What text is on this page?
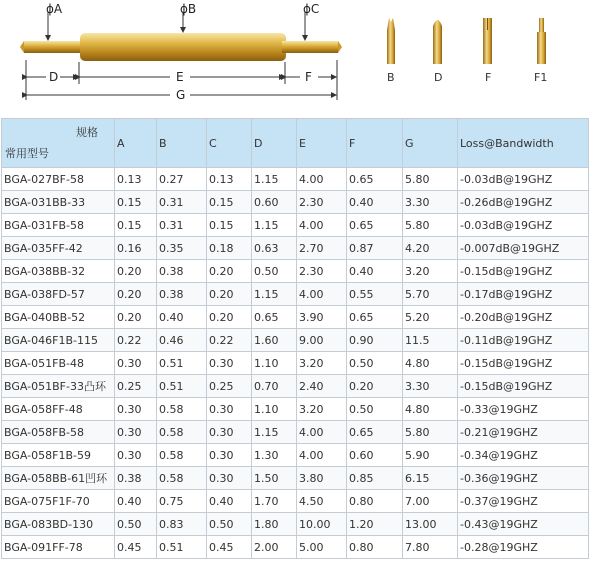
ϕA	ϕB	ϕC
D	E	F
G
B	D	F	F1
规格
常用型号	A	B	C	D	E	F	G	Loss@Bandwidth
BGA-027BF-58	0.13	0.27	0.13	1.15	4.00	0.65	5.80	-0.03dB@19GHZ
BGA-031BB-33	0.15	0.31	0.15	0.60	2.30	0.40	3.30	-0.26dB@19GHZ
BGA-031FB-58	0.15	0.31	0.15	1.15	4.00	0.65	5.80	-0.03dB@19GHZ
BGA-035FF-42	0.16	0.35	0.18	0.63	2.70	0.87	4.20	-0.007dB@19GHZ
BGA-038BB-32	0.20	0.38	0.20	0.50	2.30	0.40	3.20	-0.15dB@19GHZ
BGA-038FD-57	0.20	0.38	0.20	1.15	4.00	0.55	5.70	-0.17dB@19GHZ
BGA-040BB-52	0.20	0.40	0.20	0.65	3.90	0.65	5.20	-0.20dB@19GHZ
BGA-046F1B-115	0.22	0.46	0.22	1.60	9.00	0.90	11.5	-0.11dB@19GHZ
BGA-051FB-48	0.30	0.51	0.30	1.10	3.20	0.50	4.80	-0.15dB@19GHZ
BGA-051BF-33凸环	0.25	0.51	0.25	0.70	2.40	0.20	3.30	-0.15dB@19GHZ
BGA-058FF-48	0.30	0.58	0.30	1.10	3.20	0.50	4.80	-0.33@19GHZ
BGA-058FB-58	0.30	0.58	0.30	1.15	4.00	0.65	5.80	-0.21@19GHZ
BGA-058F1B-59	0.30	0.58	0.30	1.30	4.00	0.60	5.90	-0.34@19GHZ
BGA-058BB-61凹环	0.38	0.58	0.30	1.50	3.80	0.85	6.15	-0.36@19GHZ
BGA-075F1F-70	0.40	0.75	0.40	1.70	4.50	0.80	7.00	-0.37@19GHZ
BGA-083BD-130	0.50	0.83	0.50	1.80	10.00	1.20	13.00	-0.43@19GHZ
BGA-091FF-78	0.45	0.51	0.45	2.00	5.00	0.80	7.80	-0.28@19GHZ
